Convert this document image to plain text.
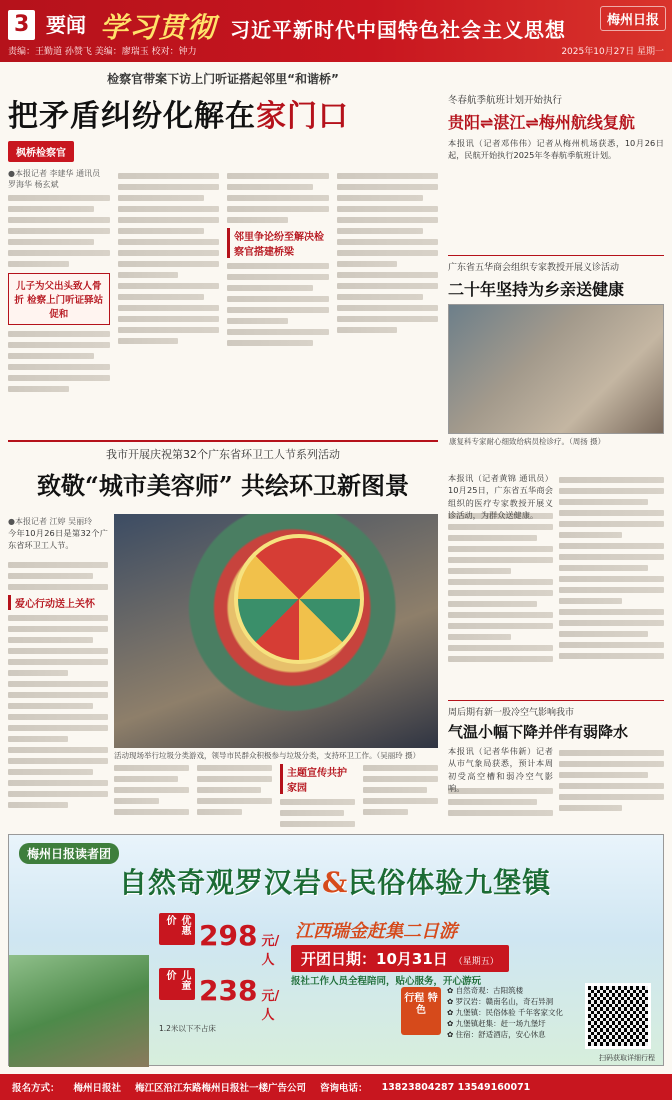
3 要闻 学习贯彻 习近平新时代中国特色社会主义思想	梅州日报
责编：王勤道 孙赞飞 美编：廖瑞玉 校对：钟力	2025年10月27日 星期一
检察官带案下访上门听证搭起邻里“和谐桥”
把矛盾纠纷化解在家门口
枫桥检察官
●本报记者 李建华 通讯员 罗海华 杨玄斌
儿子为父出头致人骨折 检察上门听证驿站促和
邻里争论纷至解决检察官搭建桥梁
冬春航季航班计划开始执行
贵阳⇌湛江⇌梅州航线复航
本报讯（记者邓伟伟）记者从梅州机场获悉，10月26日起，民航开始执行2025年冬春航季航班计划。
广东省五华商会组织专家教授开展义诊活动
二十年坚持为乡亲送健康
康复科专家耐心细致给病员检诊疗。（周扬 摄）
我市开展庆祝第32个广东省环卫工人节系列活动
致敬“城市美容师” 共绘环卫新图景
●本报记者 江婷 吴丽玲
今年10月26日是第32个广东省环卫工人节。
爱心行动送上关怀
活动现场举行垃圾分类游戏，领导市民群众积极参与垃圾分类，支持环卫工作。（吴丽玲 摄）
主题宣传共护家园
本报讯（记者黄锦 通讯员）10月25日，广东省五华商会组织的医疗专家教授开展义诊活动，为群众送健康。
周后期有新一股冷空气影响我市
气温小幅下降并伴有弱降水
本报讯（记者华伟新）记者从市气象局获悉，预计本周初受高空槽和弱冷空气影响。
梅州日报读者团
自然奇观罗汉岩&民俗体验九堡镇
优惠价 298 元/人
儿童价 238 元/人
1.2米以下不占床
江西瑞金赶集二日游
开团日期：10月31日 （星期五）
报社工作人员全程陪同，贴心服务，开心游玩
行程 特色
✿ 自然奇观：古阳筑楼
✿ 罗汉岩：赣南名山，奇石异洞
✿ 九堡镇：民俗体验 千年客家文化
✿ 九堡镇赶集：赶一场九堡圩
✿ 住宿：舒适酒店，安心休息
扫码获取详细行程
报名方式： 梅州日报社 梅江区沿江东路梅州日报社一楼广告公司 咨询电话： 13823804287 13549160071
